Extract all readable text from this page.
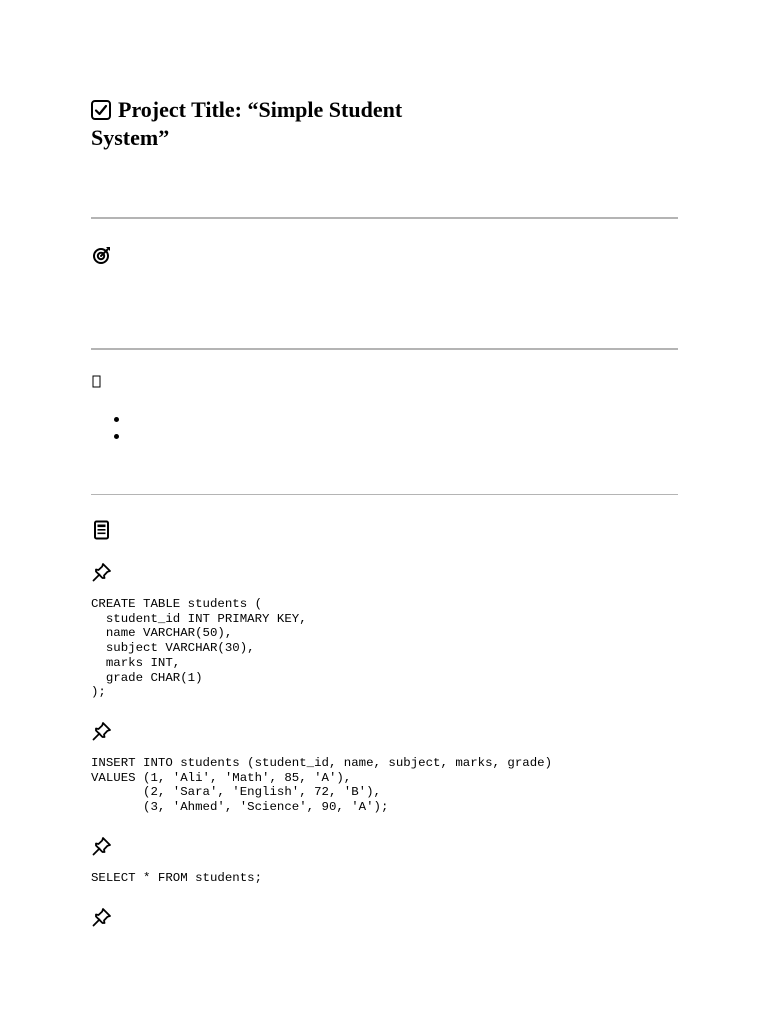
Project Title: “Simple Student System”
CREATE TABLE students (
student_id INT PRIMARY KEY,
name VARCHAR(50),
subject VARCHAR(30),
marks INT,
grade CHAR(1)
);
INSERT INTO students (student_id, name, subject, marks, grade)
VALUES (1, 'Ali', 'Math', 85, 'A'),
(2, 'Sara', 'English', 72, 'B'),
(3, 'Ahmed', 'Science', 90, 'A');
SELECT * FROM students;
